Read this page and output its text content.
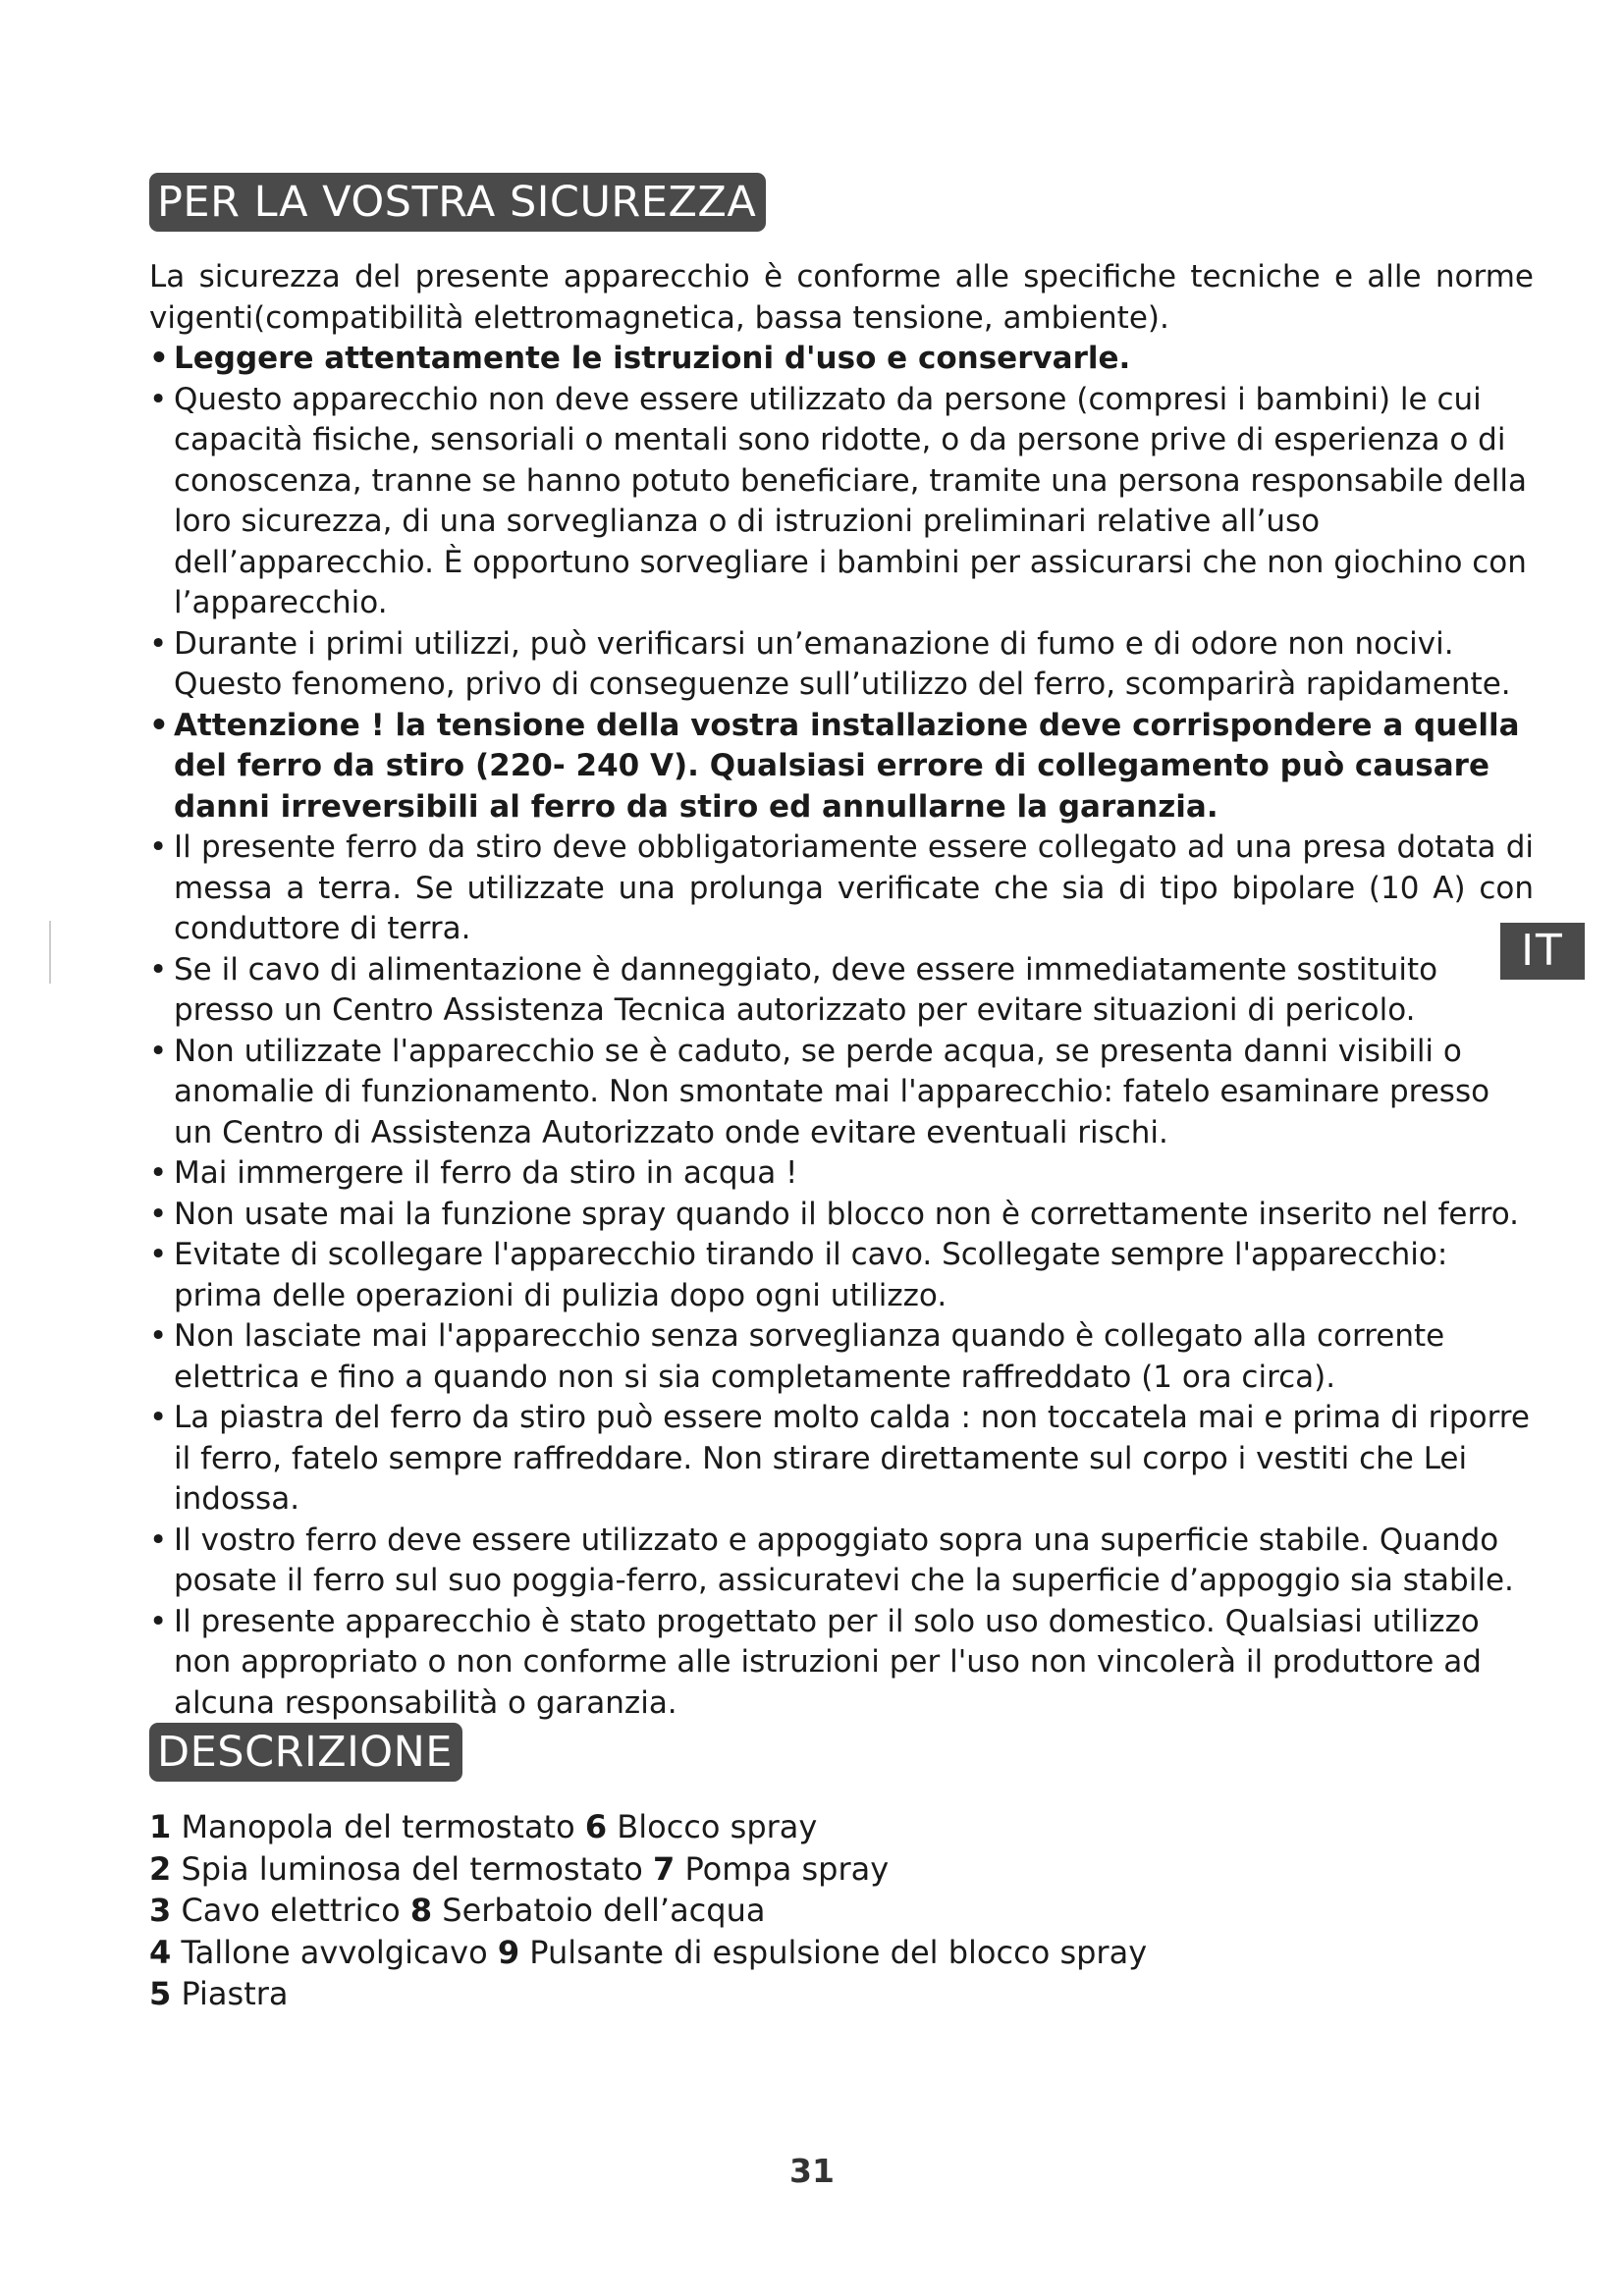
PER LA VOSTRA SICUREZZA

La sicurezza del presente apparecchio è conforme alle specifiche tecniche e alle norme vigenti(compatibilità elettromagnetica, bassa tensione, ambiente).

• Leggere attentamente le istruzioni d'uso e conservarle.
• Questo apparecchio non deve essere utilizzato da persone (compresi i bambini) le cui capacità fisiche, sensoriali o mentali sono ridotte, o da persone prive di esperienza o di conoscenza, tranne se hanno potuto beneficiare, tramite una persona responsabile della loro sicurezza, di una sorveglianza o di istruzioni preliminari relative all’uso dell’apparecchio. È opportuno sorvegliare i bambini per assicurarsi che non giochino con l’apparecchio.
• Durante i primi utilizzi, può verificarsi un’emanazione di fumo e di odore non nocivi. Questo fenomeno, privo di conseguenze sull’utilizzo del ferro, scomparirà rapidamente.
• Attenzione ! la tensione della vostra installazione deve corrispondere a quella del ferro da stiro (220- 240 V). Qualsiasi errore di collegamento può causare danni irreversibili al ferro da stiro ed annullarne la garanzia.
• Il presente ferro da stiro deve obbligatoriamente essere collegato ad una presa dotata di messa a terra. Se utilizzate una prolunga verificate che sia di tipo bipolare (10 A) con conduttore di terra.
• Se il cavo di alimentazione è danneggiato, deve essere immediatamente sostituito presso un Centro Assistenza Tecnica autorizzato per evitare situazioni di pericolo.
• Non utilizzate l'apparecchio se è caduto, se perde acqua, se presenta danni visibili o anomalie di funzionamento. Non smontate mai l'apparecchio: fatelo esaminare presso un Centro di Assistenza Autorizzato onde evitare eventuali rischi.
• Mai immergere il ferro da stiro in acqua !
• Non usate mai la funzione spray quando il blocco non è correttamente inserito nel ferro.
• Evitate di scollegare l'apparecchio tirando il cavo. Scollegate sempre l'apparecchio: prima delle operazioni di pulizia dopo ogni utilizzo.
• Non lasciate mai l'apparecchio senza sorveglianza quando è collegato alla corrente elettrica e fino a quando non si sia completamente raffreddato (1 ora circa).
• La piastra del ferro da stiro può essere molto calda : non toccatela mai e prima di riporre il ferro, fatelo sempre raffreddare. Non stirare direttamente sul corpo i vestiti che Lei indossa.
• Il vostro ferro deve essere utilizzato e appoggiato sopra una superficie stabile. Quando posate il ferro sul suo poggia-ferro, assicuratevi che la superficie d’appoggio sia stabile.
• Il presente apparecchio è stato progettato per il solo uso domestico. Qualsiasi utilizzo non appropriato o non conforme alle istruzioni per l'uso non vincolerà il produttore ad alcuna responsabilità o garanzia.
DESCRIZIONE
1 Manopola del termostato 6 Blocco spray
2 Spia luminosa del termostato 7 Pompa spray
3 Cavo elettrico 8 Serbatoio dell’acqua
4 Tallone avvolgicavo 9 Pulsante di espulsione del blocco spray
5 Piastra
IT
31
